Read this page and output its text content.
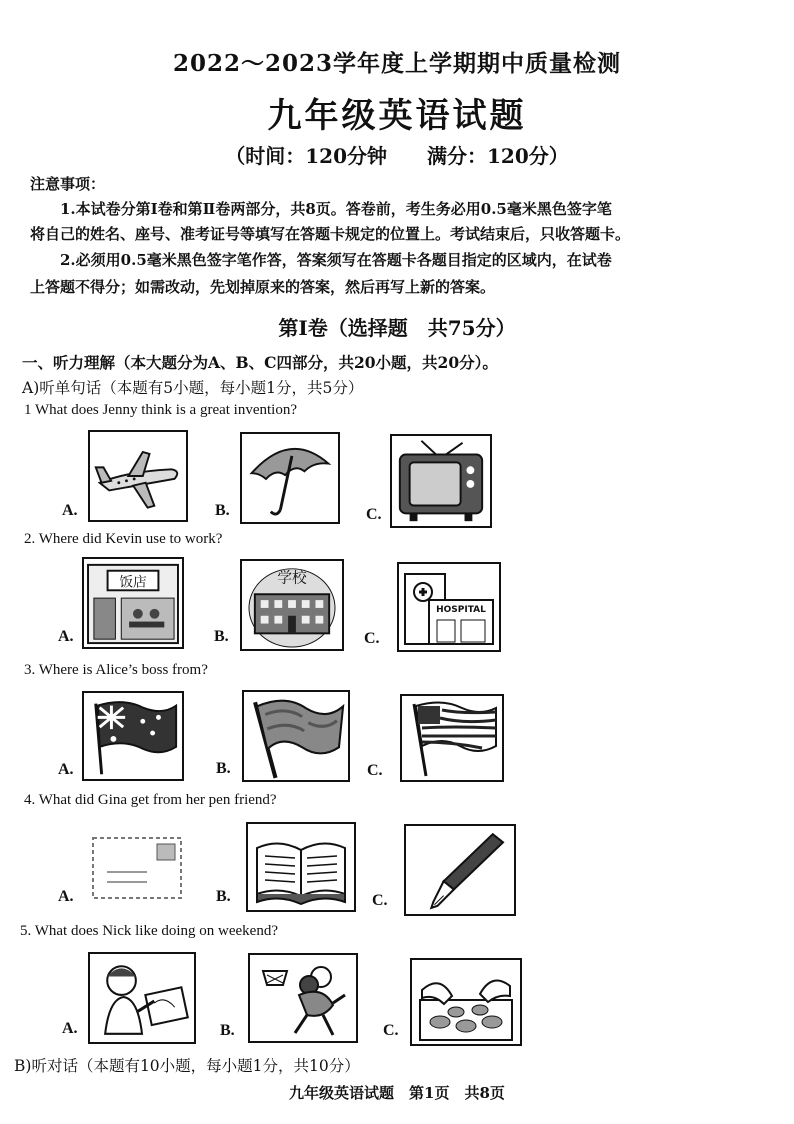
2022～2023学年度上学期期中质量检测
九年级英语试题
（时间：120分钟　　满分：120分）
注意事项：
1.本试卷分第Ⅰ卷和第Ⅱ卷两部分，共8页。答卷前，考生务必用0.5毫米黑色签字笔
将自己的姓名、座号、准考证号等填写在答题卡规定的位置上。考试结束后，只收答题卡。
2.必须用0.5毫米黑色签字笔作答，答案须写在答题卡各题目指定的区域内，在试卷
上答题不得分；如需改动，先划掉原来的答案，然后再写上新的答案。
第Ⅰ卷（选择题　共75分）
一、听力理解（本大题分为A、B、C四部分，共20小题，共20分）。
A)听单句话（本题有5小题，每小题1分，共5分）
1 What does Jenny think is a great invention?
A.	B.	C.
2. Where did Kevin use to work?
A.
饭店
B.
学校
C.
HOSPITAL
3. Where is Alice’s boss from?
A.	B.	C.
4. What did Gina get from her pen friend?
A.	B.	C.
5. What does Nick like doing on weekend?
A.	B.	C.
B)听对话（本题有10小题，每小题1分，共10分）
九年级英语试题　第1页　共8页
